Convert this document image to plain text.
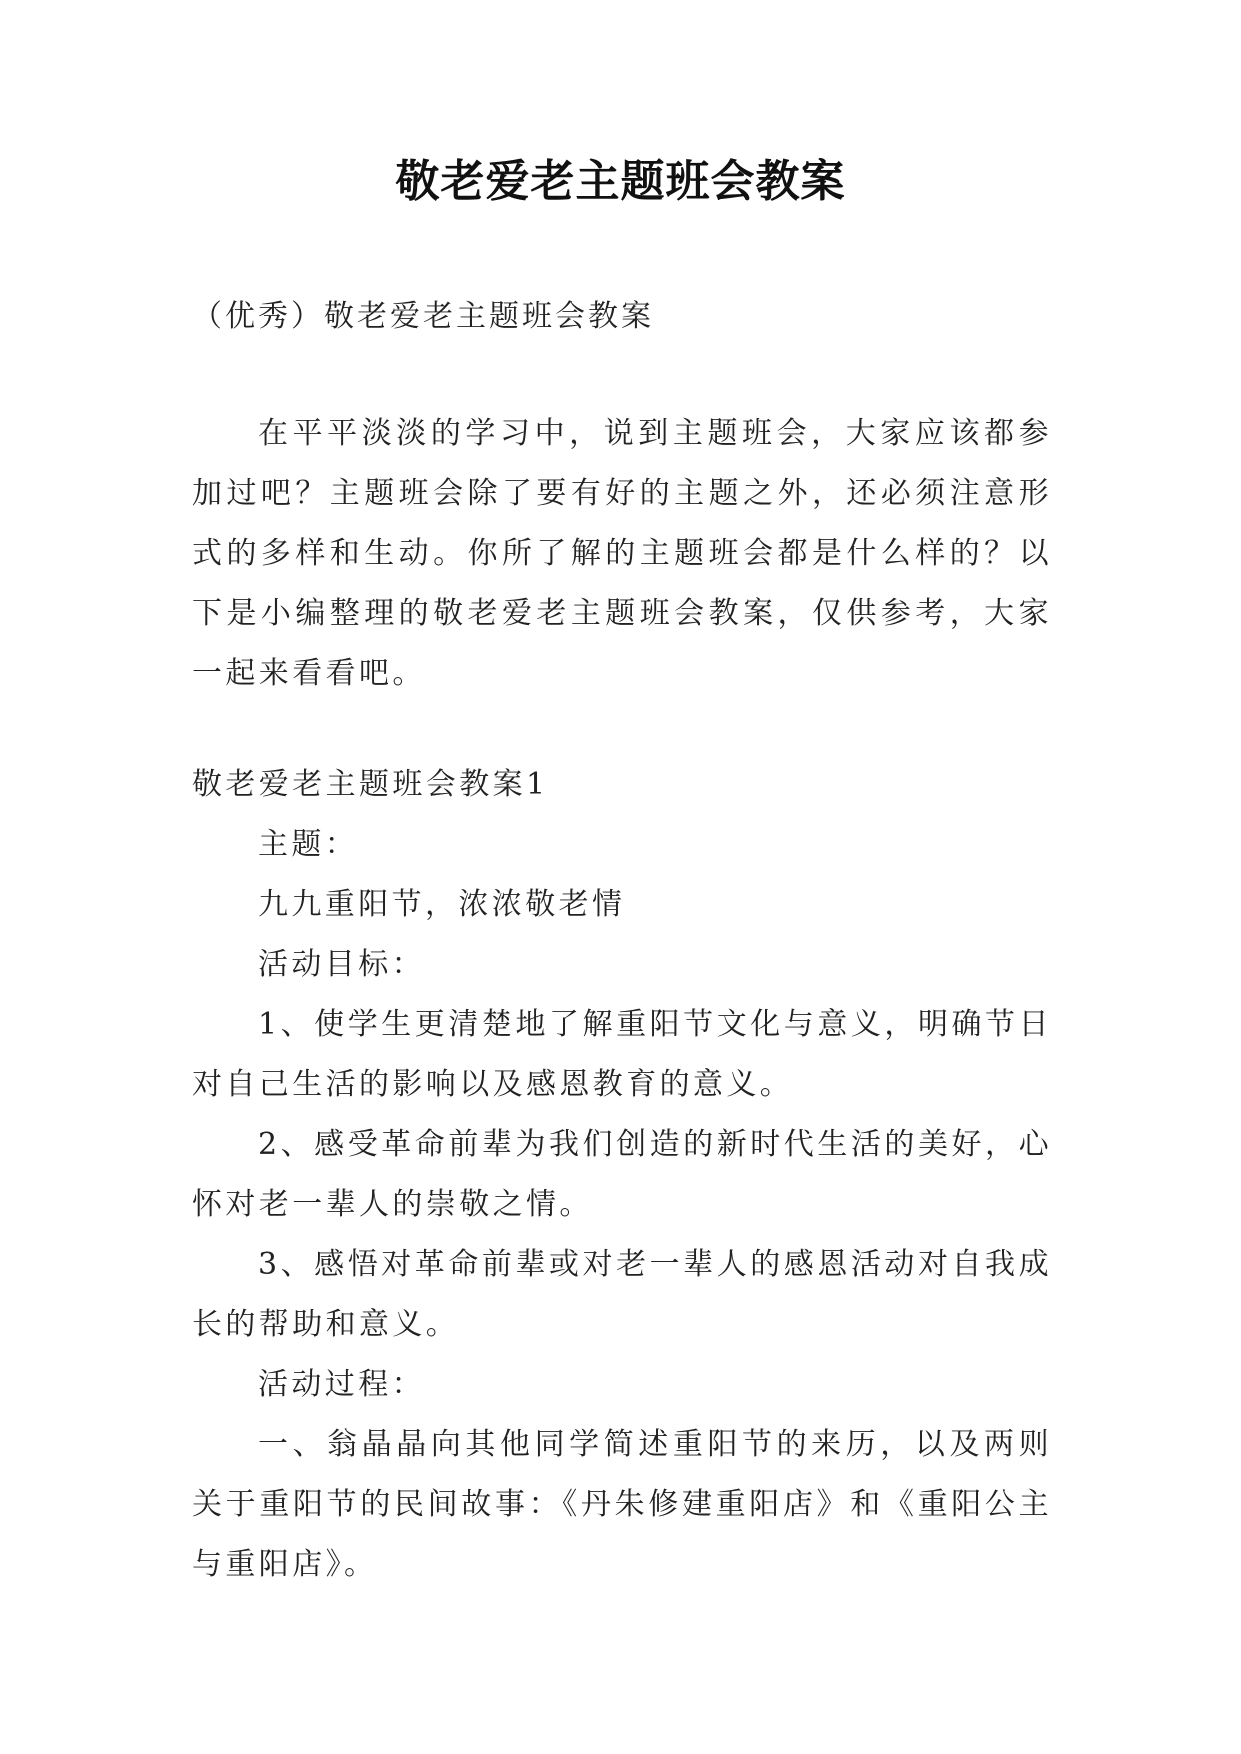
敬老爱老主题班会教案
（优秀）敬老爱老主题班会教案

在平平淡淡的学习中，说到主题班会，大家应该都参加过吧？主题班会除了要有好的主题之外，还必须注意形式的多样和生动。你所了解的主题班会都是什么样的？以下是小编整理的敬老爱老主题班会教案，仅供参考，大家一起来看看吧。

敬老爱老主题班会教案1

主题：

九九重阳节，浓浓敬老情

活动目标：

1、使学生更清楚地了解重阳节文化与意义，明确节日对自己生活的影响以及感恩教育的意义。

2、感受革命前辈为我们创造的新时代生活的美好，心怀对老一辈人的崇敬之情。

3、感悟对革命前辈或对老一辈人的感恩活动对自我成长的帮助和意义。

活动过程：

一、翁晶晶向其他同学简述重阳节的来历，以及两则关于重阳节的民间故事：《丹朱修建重阳店》和《重阳公主与重阳店》。
